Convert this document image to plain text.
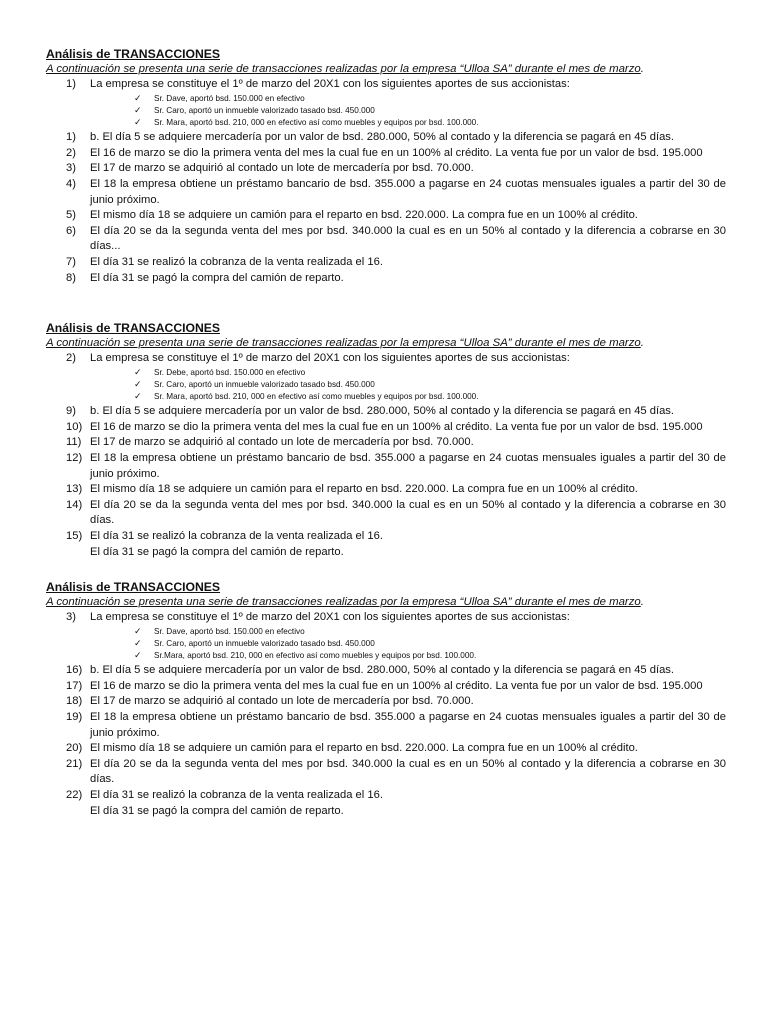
Análisis de TRANSACCIONES
A continuación se presenta una serie de transacciones realizadas por la empresa “Ulloa SA” durante el mes de marzo.
1) La empresa se constituye el 1º de marzo del 20X1 con los siguientes aportes de sus accionistas:
✓ Sr. Dave, aportó bsd. 150.000 en efectivo
✓ Sr. Caro, aportó un inmueble valorizado tasado bsd. 450.000
✓ Sr. Mara, aportó bsd. 210, 000 en efectivo así como muebles y equipos por bsd. 100.000.
1) b. El día 5 se adquiere mercadería por un valor de bsd. 280.000, 50% al contado y la diferencia se pagará en 45 días.
2) El 16 de marzo se dio la primera venta del mes la cual fue en un 100% al crédito. La venta fue por un valor de bsd. 195.000
3) El 17 de marzo se adquirió al contado un lote de mercadería por bsd. 70.000.
4) El 18 la empresa obtiene un préstamo bancario de bsd. 355.000 a pagarse en 24 cuotas mensuales iguales a partir del 30 de junio próximo.
5) El mismo día 18 se adquiere un camión para el reparto en bsd. 220.000. La compra fue en un 100% al crédito.
6) El día 20 se da la segunda venta del mes por bsd. 340.000 la cual es en un 50% al contado y la diferencia a cobrarse en 30 días...
7) El día 31 se realizó la cobranza de la venta realizada el 16.
8) El día 31 se pagó la compra del camión de reparto.
Análisis de TRANSACCIONES
A continuación se presenta una serie de transacciones realizadas por la empresa “Ulloa SA” durante el mes de marzo.
2) La empresa se constituye el 1º de marzo del 20X1 con los siguientes aportes de sus accionistas:
✓ Sr. Debe, aportó bsd. 150.000 en efectivo
✓ Sr. Caro, aportó un inmueble valorizado tasado bsd. 450.000
✓ Sr. Mara, aportó bsd. 210, 000 en efectivo así como muebles y equipos por bsd. 100.000.
9) b. El día 5 se adquiere mercadería por un valor de bsd. 280.000, 50% al contado y la diferencia se pagará en 45 días.
10) El 16 de marzo se dio la primera venta del mes la cual fue en un 100% al crédito. La venta fue por un valor de bsd. 195.000
11) El 17 de marzo se adquirió al contado un lote de mercadería por bsd. 70.000.
12) El 18 la empresa obtiene un préstamo bancario de bsd. 355.000 a pagarse en 24 cuotas mensuales iguales a partir del 30 de junio próximo.
13) El mismo día 18 se adquiere un camión para el reparto en bsd. 220.000. La compra fue en un 100% al crédito.
14) El día 20 se da la segunda venta del mes por bsd. 340.000 la cual es en un 50% al contado y la diferencia a cobrarse en 30 días.
15) El día 31 se realizó la cobranza de la venta realizada el 16.
El día 31 se pagó la compra del camión de reparto.
Análisis de TRANSACCIONES
A continuación se presenta una serie de transacciones realizadas por la empresa “Ulloa SA” durante el mes de marzo.
3) La empresa se constituye el 1º de marzo del 20X1 con los siguientes aportes de sus accionistas:
✓ Sr. Dave, aportó bsd. 150.000 en efectivo
✓ Sr. Caro, aportó un inmueble valorizado tasado bsd. 450.000
✓ Sr.Mara, aportó bsd. 210, 000 en efectivo así como muebles y equipos por bsd. 100.000.
16) b. El día 5 se adquiere mercadería por un valor de bsd. 280.000, 50% al contado y la diferencia se pagará en 45 días.
17) El 16 de marzo se dio la primera venta del mes la cual fue en un 100% al crédito. La venta fue por un valor de bsd. 195.000
18) El 17 de marzo se adquirió al contado un lote de mercadería por bsd. 70.000.
19) El 18 la empresa obtiene un préstamo bancario de bsd. 355.000 a pagarse en 24 cuotas mensuales iguales a partir del 30 de junio próximo.
20) El mismo día 18 se adquiere un camión para el reparto en bsd. 220.000. La compra fue en un 100% al crédito.
21) El día 20 se da la segunda venta del mes por bsd. 340.000 la cual es en un 50% al contado y la diferencia a cobrarse en 30 días.
22) El día 31 se realizó la cobranza de la venta realizada el 16.
El día 31 se pagó la compra del camión de reparto.
